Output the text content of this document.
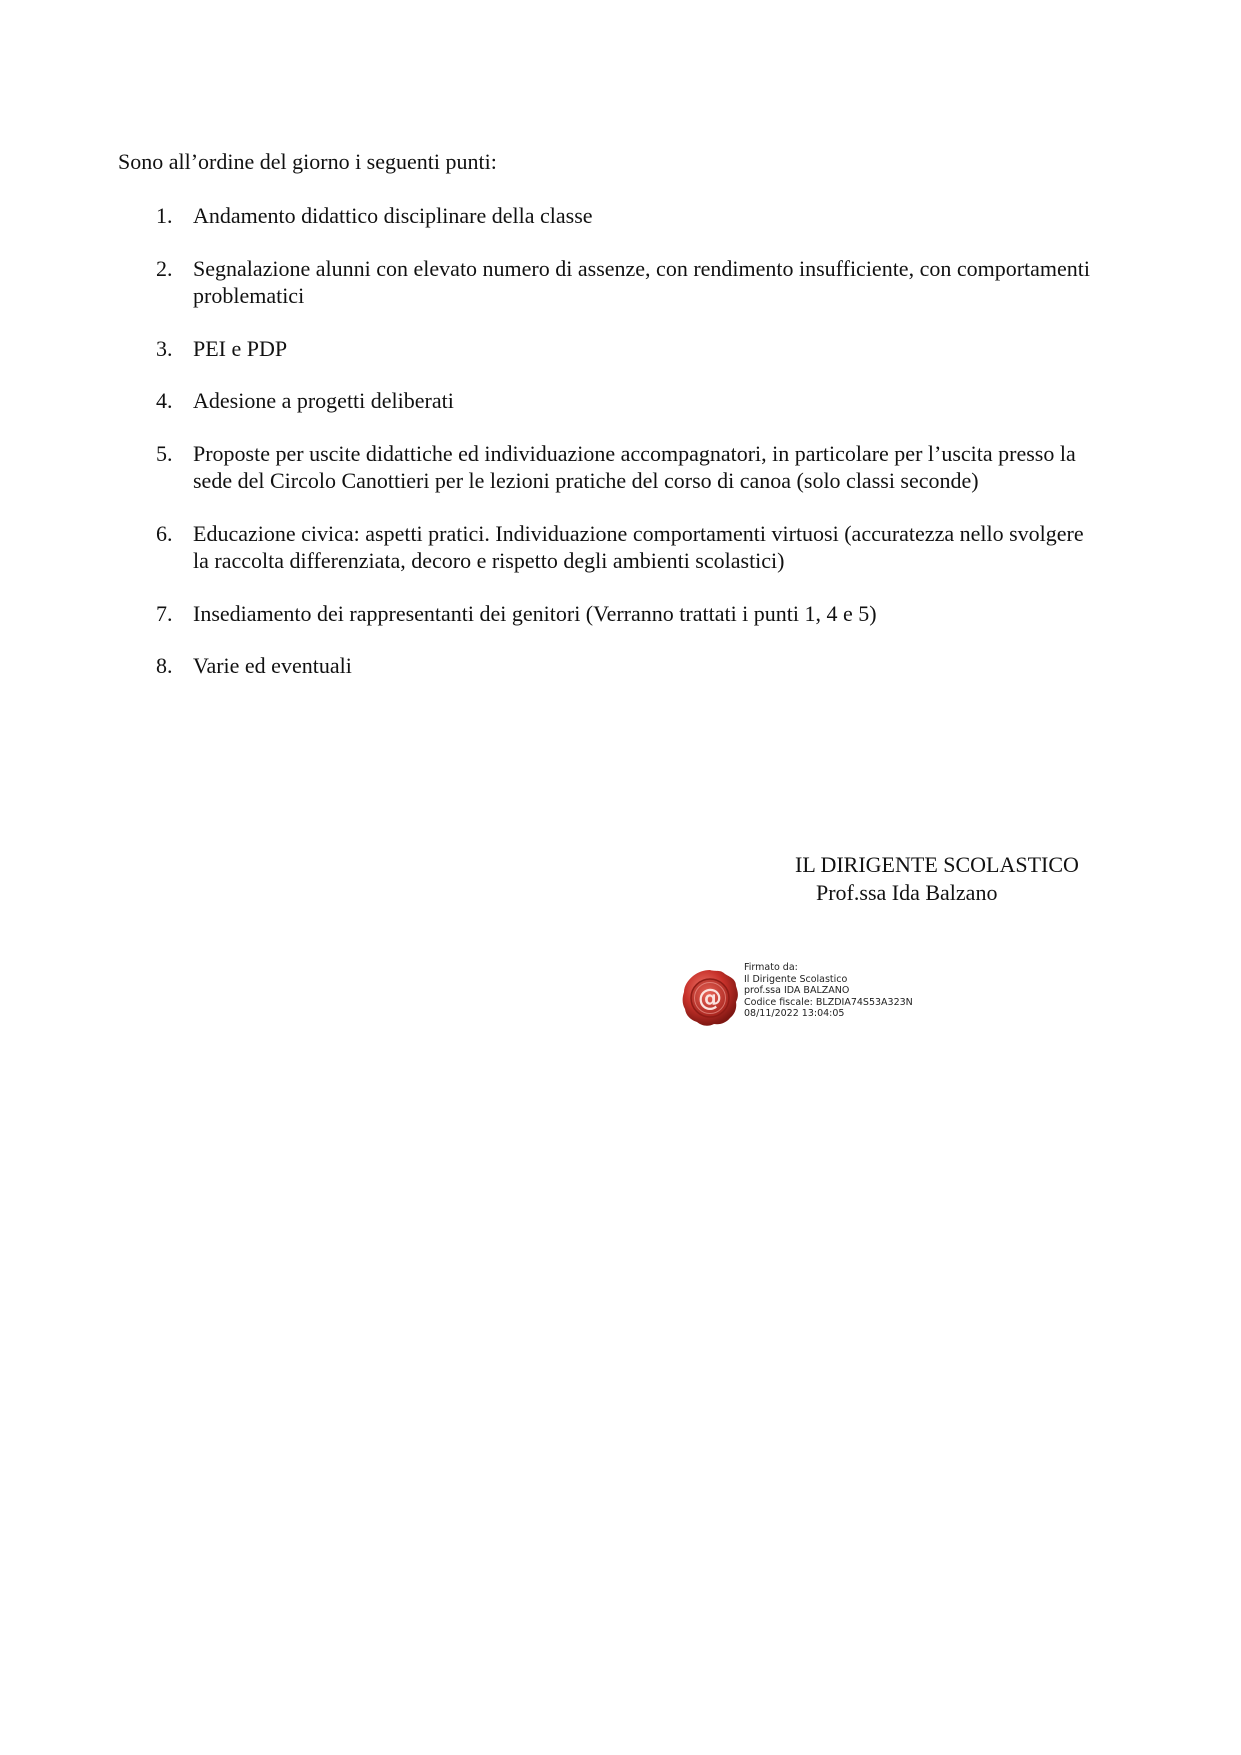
Sono all’ordine del giorno i seguenti punti:

1. Andamento didattico disciplinare della classe
2. Segnalazione alunni con elevato numero di assenze, con rendimento insufficiente, con comportamenti problematici
3. PEI e PDP
4. Adesione a progetti deliberati
5. Proposte per uscite didattiche ed individuazione accompagnatori, in particolare per l’uscita presso la sede del Circolo Canottieri per le lezioni pratiche del corso di canoa (solo classi seconde)
6. Educazione civica: aspetti pratici. Individuazione comportamenti virtuosi (accuratezza nello svolgere la raccolta differenziata, decoro e rispetto degli ambienti scolastici)
7. Insediamento dei rappresentanti dei genitori (Verranno trattati i punti 1, 4 e 5)
8. Varie ed eventuali
IL DIRIGENTE SCOLASTICO
Prof.ssa Ida Balzano
@
Firmato da:
Il Dirigente Scolastico
prof.ssa IDA BALZANO
Codice fiscale: BLZDIA74S53A323N
08/11/2022 13:04:05
